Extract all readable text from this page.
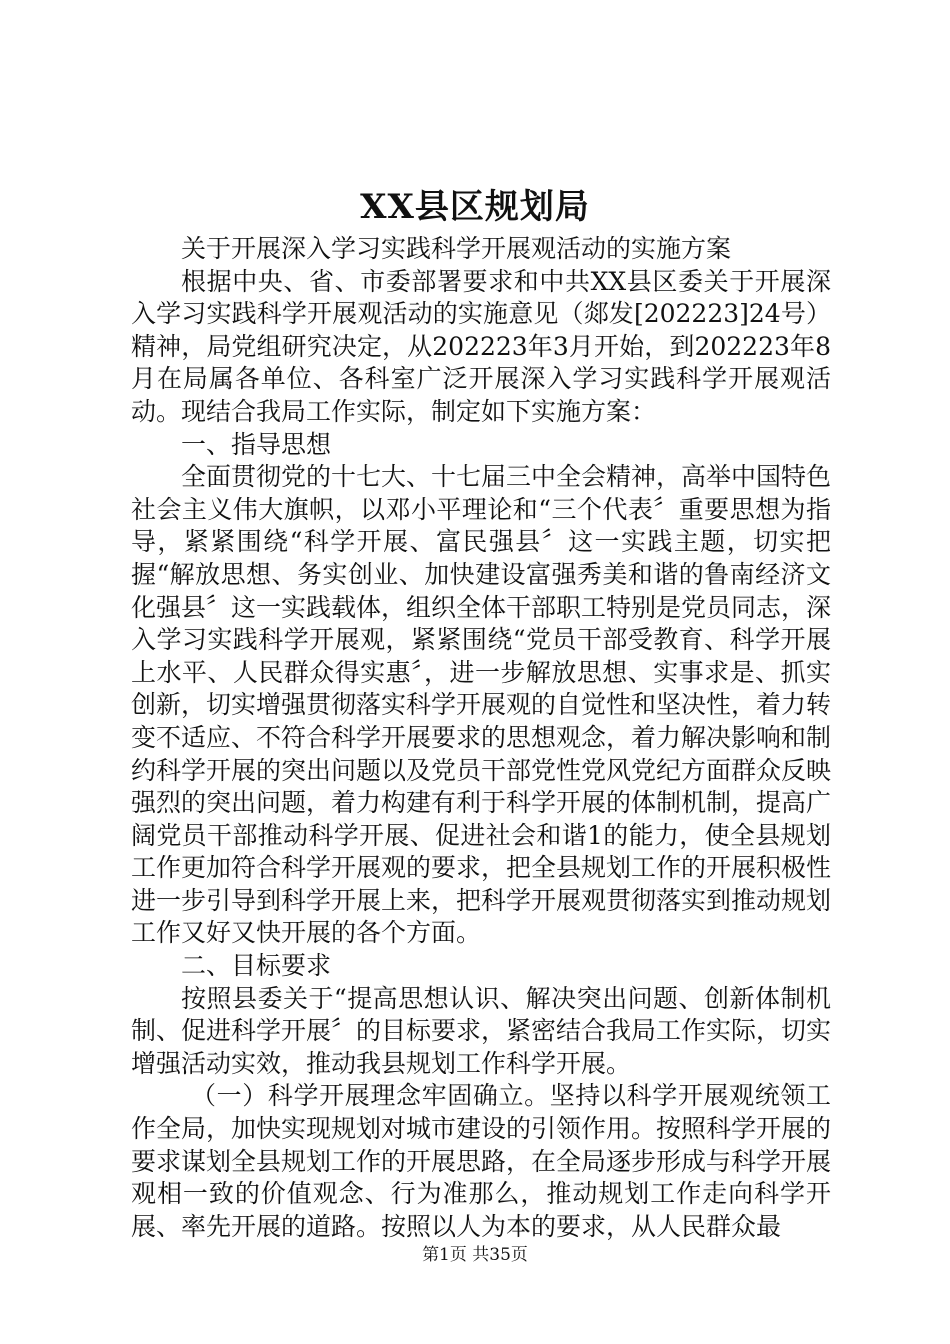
XX县区规划局

关于开展深入学习实践科学开展观活动的实施方案

根据中央、省、市委部署要求和中共XX县区委关于开展深入学习实践科学开展观活动的实施意见（郯发[202223]24号）精神，局党组研究决定，从202223年3月开始，到202223年8月在局属各单位、各科室广泛开展深入学习实践科学开展观活动。现结合我局工作实际，制定如下实施方案：

一、指导思想

全面贯彻党的十七大、十七届三中全会精神，高举中国特色社会主义伟大旗帜，以邓小平理论和“三个代表〞重要思想为指导，紧紧围绕“科学开展、富民强县〞这一实践主题，切实把握“解放思想、务实创业、加快建设富强秀美和谐的鲁南经济文化强县〞这一实践载体，组织全体干部职工特别是党员同志，深入学习实践科学开展观，紧紧围绕“党员干部受教育、科学开展上水平、人民群众得实惠〞，进一步解放思想、实事求是、抓实创新，切实增强贯彻落实科学开展观的自觉性和坚决性，着力转变不适应、不符合科学开展要求的思想观念，着力解决影响和制约科学开展的突出问题以及党员干部党性党风党纪方面群众反映强烈的突出问题，着力构建有利于科学开展的体制机制，提高广阔党员干部推动科学开展、促进社会和谐1的能力，使全县规划工作更加符合科学开展观的要求，把全县规划工作的开展积极性进一步引导到科学开展上来，把科学开展观贯彻落实到推动规划工作又好又快开展的各个方面。

二、目标要求

按照县委关于“提高思想认识、解决突出问题、创新体制机制、促进科学开展〞的目标要求，紧密结合我局工作实际，切实增强活动实效，推动我县规划工作科学开展。

（一）科学开展理念牢固确立。坚持以科学开展观统领工作全局，加快实现规划对城市建设的引领作用。按照科学开展的要求谋划全县规划工作的开展思路，在全局逐步形成与科学开展观相一致的价值观念、行为准那么，推动规划工作走向科学开展、率先开展的道路。按照以人为本的要求，从人民群众最

第1页 共35页
